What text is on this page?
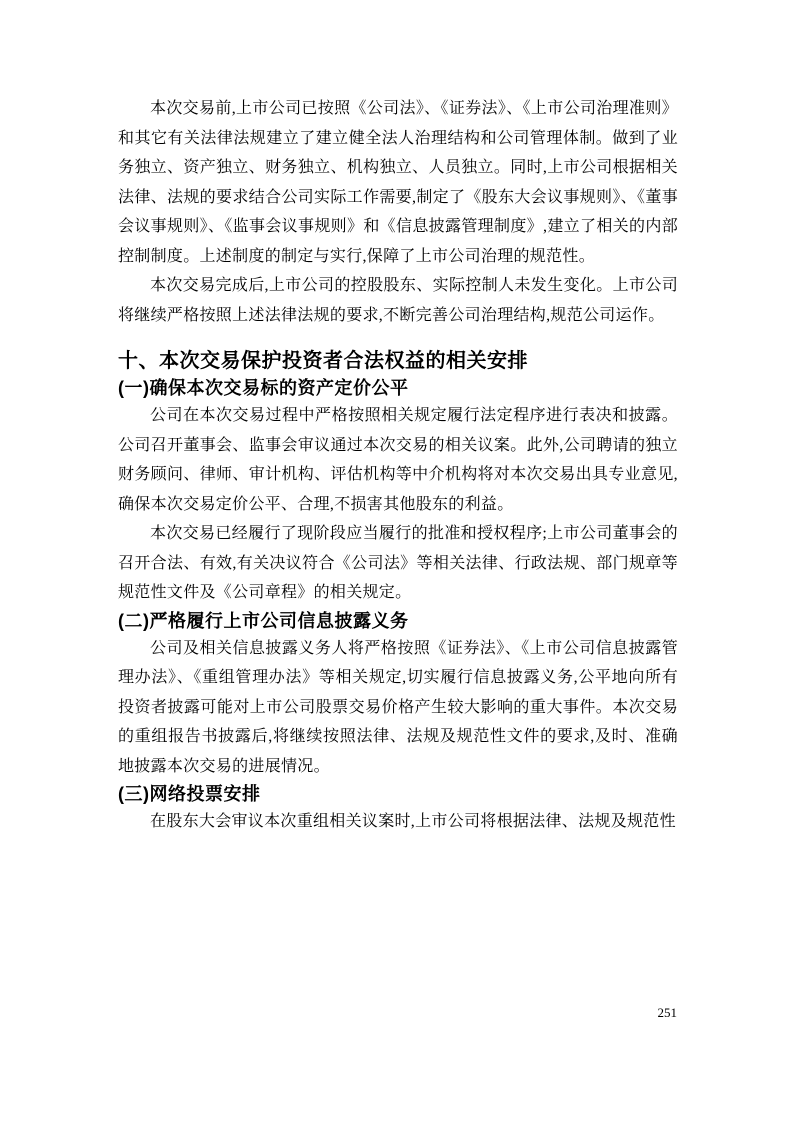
本次交易前,上市公司已按照《公司法》、《证券法》、《上市公司治理准则》和其它有关法律法规建立了建立健全法人治理结构和公司管理体制。做到了业务独立、资产独立、财务独立、机构独立、人员独立。同时,上市公司根据相关法律、法规的要求结合公司实际工作需要,制定了《股东大会议事规则》、《董事会议事规则》、《监事会议事规则》和《信息披露管理制度》,建立了相关的内部控制制度。上述制度的制定与实行,保障了上市公司治理的规范性。

本次交易完成后,上市公司的控股股东、实际控制人未发生变化。上市公司将继续严格按照上述法律法规的要求,不断完善公司治理结构,规范公司运作。

十、本次交易保护投资者合法权益的相关安排
(一)确保本次交易标的资产定价公平

公司在本次交易过程中严格按照相关规定履行法定程序进行表决和披露。公司召开董事会、监事会审议通过本次交易的相关议案。此外,公司聘请的独立财务顾问、律师、审计机构、评估机构等中介机构将对本次交易出具专业意见,确保本次交易定价公平、合理,不损害其他股东的利益。

本次交易已经履行了现阶段应当履行的批准和授权程序;上市公司董事会的召开合法、有效,有关决议符合《公司法》等相关法律、行政法规、部门规章等规范性文件及《公司章程》的相关规定。

(二)严格履行上市公司信息披露义务

公司及相关信息披露义务人将严格按照《证券法》、《上市公司信息披露管理办法》、《重组管理办法》等相关规定,切实履行信息披露义务,公平地向所有投资者披露可能对上市公司股票交易价格产生较大影响的重大事件。本次交易的重组报告书披露后,将继续按照法律、法规及规范性文件的要求,及时、准确地披露本次交易的进展情况。

(三)网络投票安排

在股东大会审议本次重组相关议案时,上市公司将根据法律、法规及规范性

251
